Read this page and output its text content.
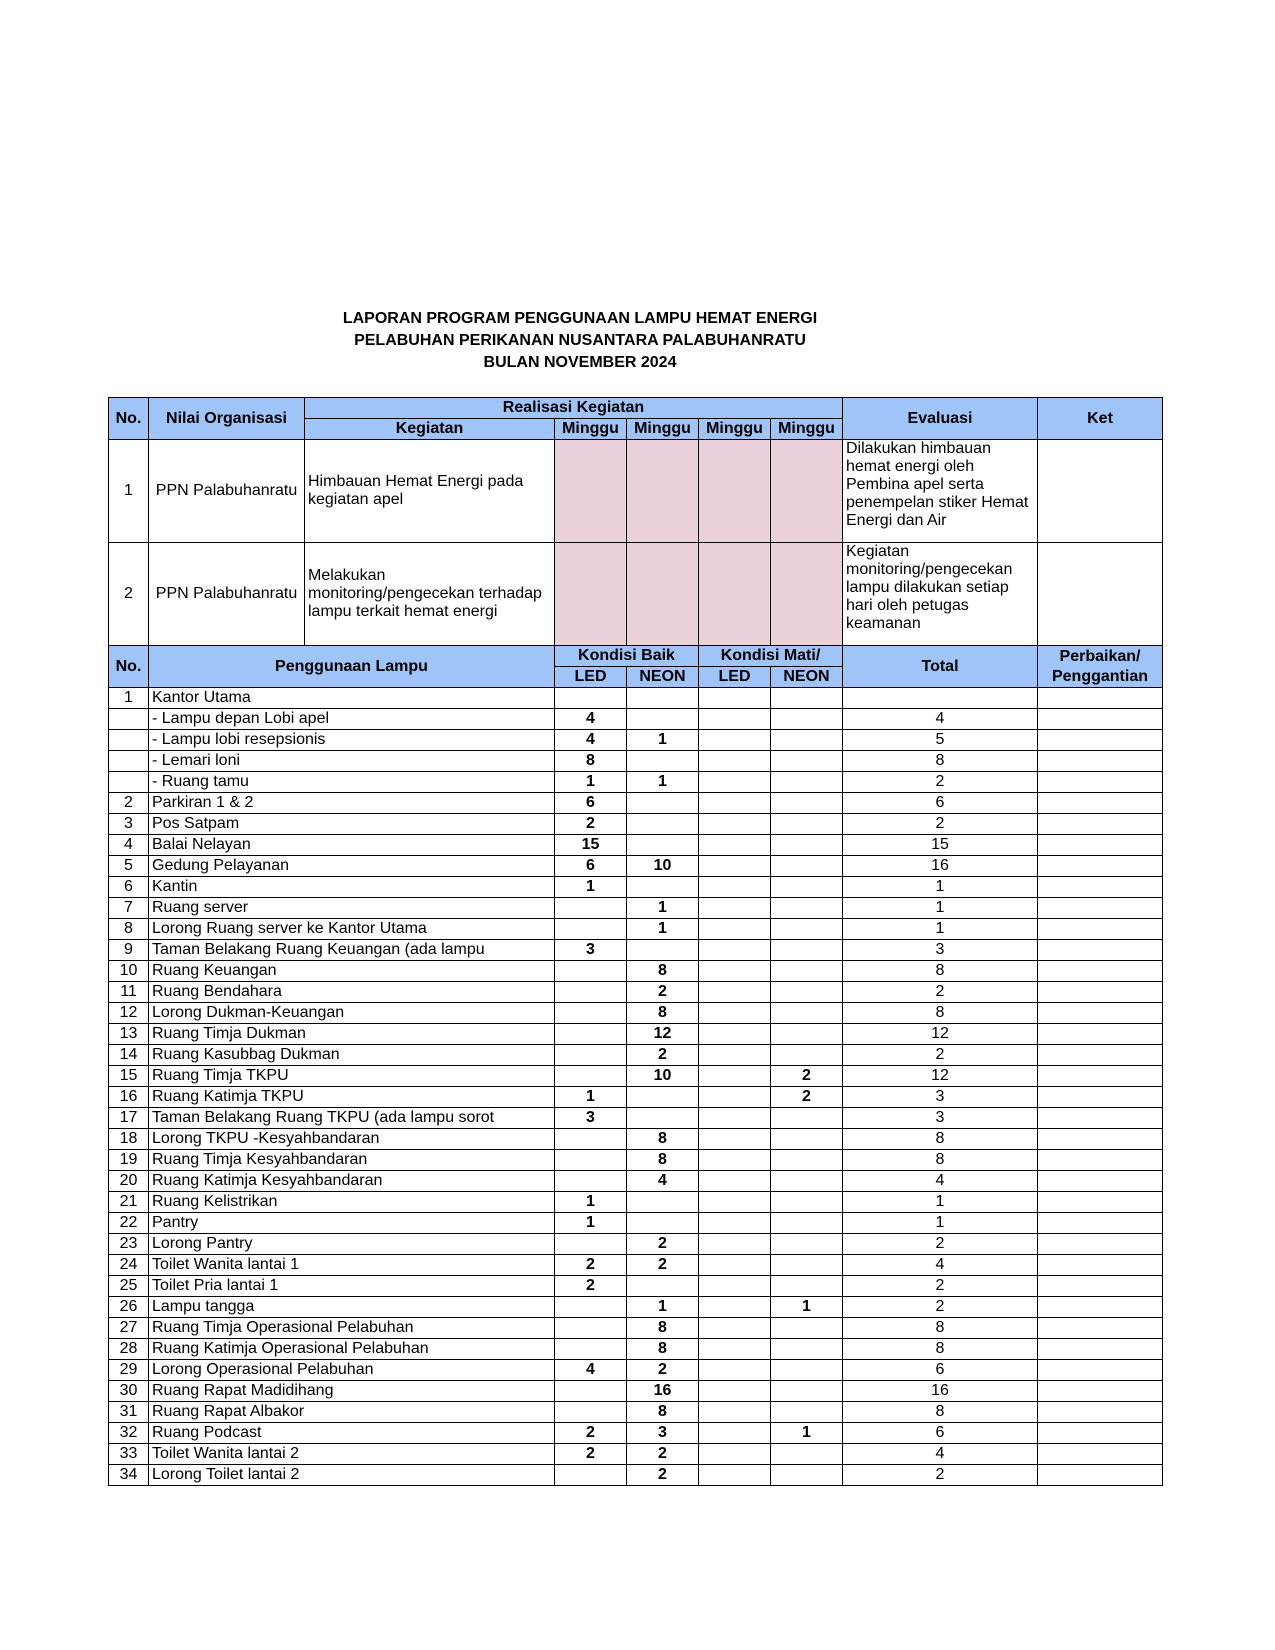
LAPORAN PROGRAM PENGGUNAAN LAMPU HEMAT ENERGI
PELABUHAN PERIKANAN NUSANTARA PALABUHANRATU
BULAN NOVEMBER 2024
No.	Nilai Organisasi	Realisasi Kegiatan					Evaluasi	Ket
		Kegiatan	Minggu	Minggu	Minggu	Minggu		
1	PPN Palabuhanratu	Himbauan Hemat Energi pada kegiatan apel					Dilakukan himbauan hemat energi oleh Pembina apel serta penempelan stiker Hemat Energi dan Air	

2	PPN Palabuhanratu	Melakukan monitoring/pengecekan terhadap lampu terkait hemat energi					Kegiatan monitoring/pengecekan lampu dilakukan setiap hari oleh petugas keamanan	

No.	Penggunaan Lampu		Kondisi Baik		Kondisi Mati/		Total	Perbaikan/ Penggantian
			LED	NEON	LED	NEON		
1	Kantor Utama							
	- Lampu depan Lobi apel		4				4	
	- Lampu lobi resepsionis		4	1			5	
	- Lemari loni		8				8	
	- Ruang tamu		1	1			2	
2	Parkiran 1 & 2		6				6	
3	Pos Satpam		2				2	
4	Balai Nelayan		15				15	
5	Gedung Pelayanan		6	10			16	
6	Kantin		1				1	
7	Ruang server			1			1	
8	Lorong Ruang server ke Kantor Utama			1			1	
9	Taman Belakang Ruang Keuangan (ada lampu		3				3	
10	Ruang Keuangan			8			8	
11	Ruang Bendahara			2			2	
12	Lorong Dukman-Keuangan			8			8	
13	Ruang Timja Dukman			12			12	
14	Ruang Kasubbag Dukman			2			2	
15	Ruang Timja TKPU			10		2	12	
16	Ruang Katimja TKPU		1			2	3	
17	Taman Belakang Ruang TKPU (ada lampu sorot		3				3	
18	Lorong TKPU -Kesyahbandaran			8			8	
19	Ruang Timja Kesyahbandaran			8			8	
20	Ruang Katimja Kesyahbandaran			4			4	
21	Ruang Kelistrikan		1				1	
22	Pantry		1				1	
23	Lorong Pantry			2			2	
24	Toilet Wanita lantai 1		2	2			4	
25	Toilet Pria lantai 1		2				2	
26	Lampu tangga			1		1	2	
27	Ruang Timja Operasional Pelabuhan			8			8	
28	Ruang Katimja Operasional Pelabuhan			8			8	
29	Lorong Operasional Pelabuhan		4	2			6	
30	Ruang Rapat Madidihang			16			16	
31	Ruang Rapat Albakor			8			8	
32	Ruang Podcast		2	3		1	6	
33	Toilet Wanita lantai 2		2	2			4	
34	Lorong Toilet lantai 2			2			2	
